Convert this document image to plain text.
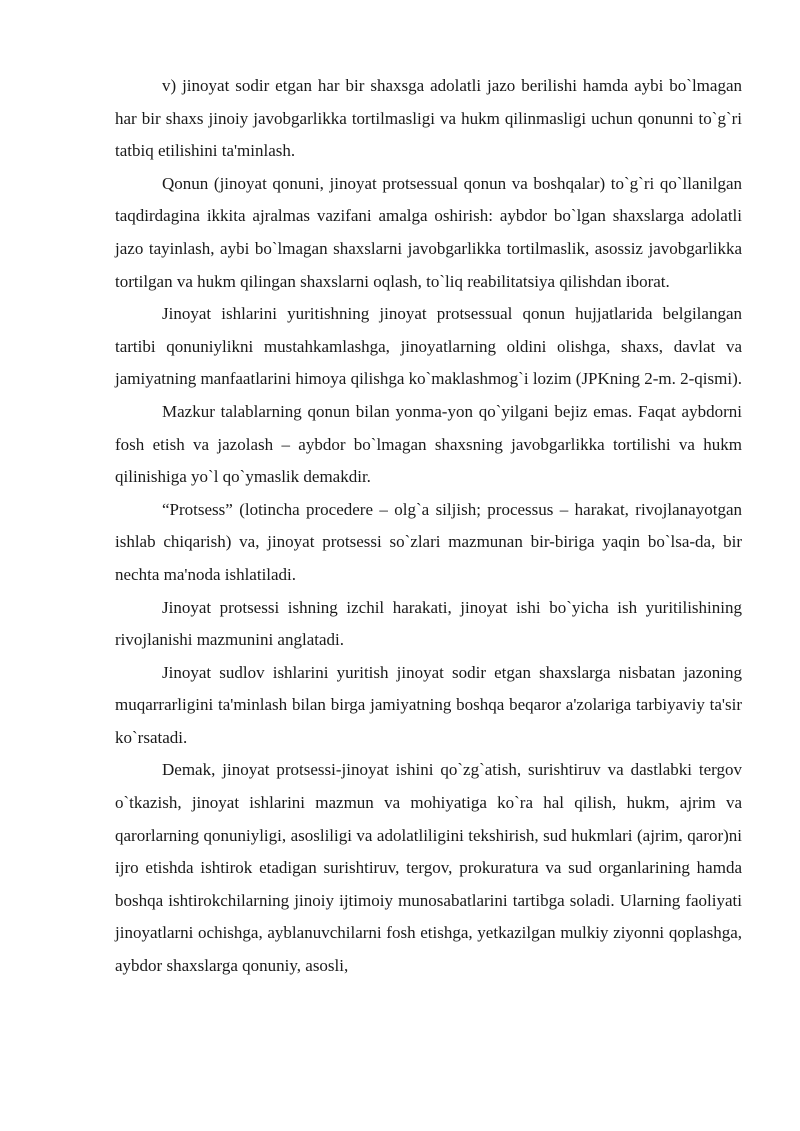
v) jinoyat sodir etgan har bir shaxsga adolatli jazo berilishi hamda aybi bo`lmagan har bir shaxs jinoiy javobgarlikka tortilmasligi va hukm qilinmasligi uchun qonunni to`g`ri tatbiq etilishini ta'minlash.

Qonun (jinoyat qonuni, jinoyat protsessual qonun va boshqalar) to`g`ri qo`llanilgan taqdirdagina ikkita ajralmas vazifani amalga oshirish: aybdor bo`lgan shaxslarga adolatli jazo tayinlash, aybi bo`lmagan shaxslarni javobgarlikka tortilmaslik, asossiz javobgarlikka tortilgan va hukm qilingan shaxslarni oqlash, to`liq reabilitatsiya qilishdan iborat.

Jinoyat ishlarini yuritishning jinoyat protsessual qonun hujjatlarida belgilangan tartibi qonuniylikni mustahkamlashga, jinoyatlarning oldini olishga, shaxs, davlat va jamiyatning manfaatlarini himoya qilishga ko`maklashmog`i lozim (JPKning 2-m. 2-qismi).

Mazkur talablarning qonun bilan yonma-yon qo`yilgani bejiz emas. Faqat aybdorni fosh etish va jazolash – aybdor bo`lmagan shaxsning javobgarlikka tortilishi va hukm qilinishiga yo`l qo`ymaslik demakdir.

“Protsess” (lotincha procedere – olg`a siljish; processus – harakat, rivojlanayotgan ishlab chiqarish) va, jinoyat protsessi so`zlari mazmunan bir-biriga yaqin bo`lsa-da, bir nechta ma'noda ishlatiladi.

Jinoyat protsessi ishning izchil harakati, jinoyat ishi bo`yicha ish yuritilishining rivojlanishi mazmunini anglatadi.

Jinoyat sudlov ishlarini yuritish jinoyat sodir etgan shaxslarga nisbatan jazoning muqarrarligini ta'minlash bilan birga jamiyatning boshqa beqaror a'zolariga tarbiyaviy ta'sir ko`rsatadi.

Demak, jinoyat protsessi-jinoyat ishini qo`zg`atish, surishtiruv va dastlabki tergov o`tkazish, jinoyat ishlarini mazmun va mohiyatiga ko`ra hal qilish, hukm, ajrim va qarorlarning qonuniyligi, asosliligi va adolatliligini tekshirish, sud hukmlari (ajrim, qaror)ni ijro etishda ishtirok etadigan surishtiruv, tergov, prokuratura va sud organlarining hamda boshqa ishtirokchilarning jinoiy ijtimoiy munosabatlarini tartibga soladi. Ularning faoliyati jinoyatlarni ochishga, ayblanuvchilarni fosh etishga, yetkazilgan mulkiy ziyonni qoplashga, aybdor shaxslarga qonuniy, asosli,
